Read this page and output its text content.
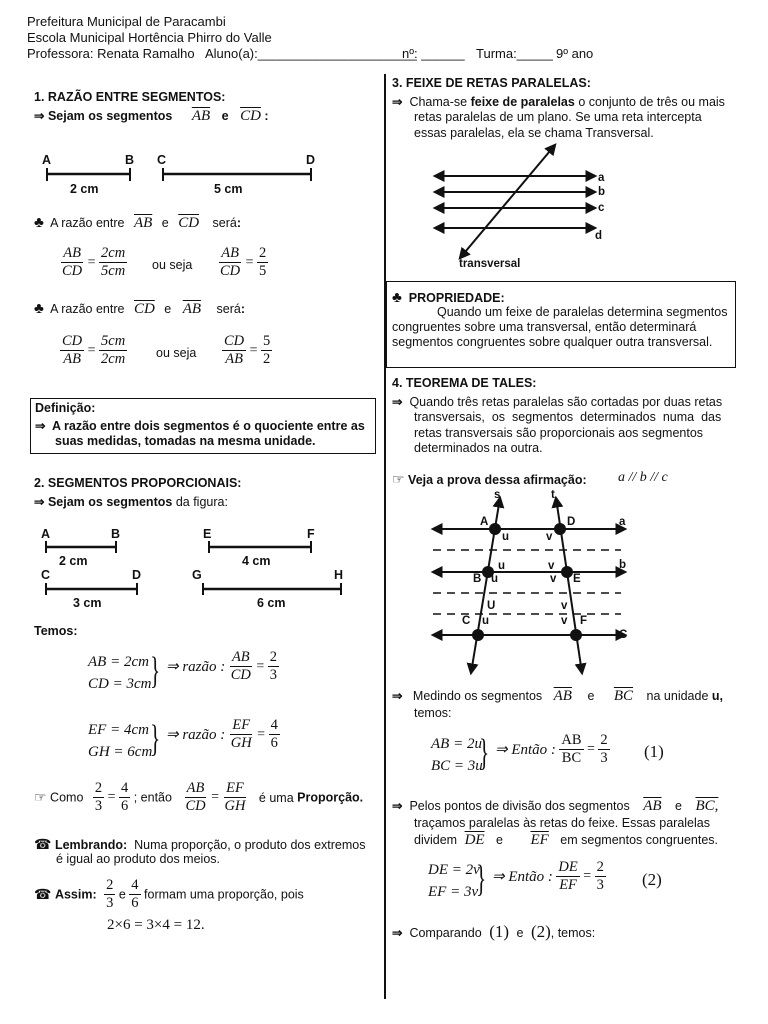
Prefeitura Municipal de Paracambi
Escola Municipal Hortência Phirro do Valle
Professora: Renata Ramalho Aluno(a):______________________
nº: ______ Turma:_____ 9º ano
1. RAZÃO ENTRE SEGMENTOS:
⇒ Sejam os segmentos $\overline{AB}$ e $\overline{CD}$ :
A	B C	D
2 cm	5 cm
♣ A razão entre $\overline{AB}$ e $\overline{CD}$ será:
$\frac{AB}{CD} = \frac{2cm}{5cm}$ ou seja $\frac{AB}{CD} = \frac{2}{5}$
♣ A razão entre $\overline{CD}$ e $\overline{AB}$ será:
$\frac{CD}{AB} = \frac{5cm}{2cm}$ ou seja $\frac{CD}{AB} = \frac{5}{2}$
Definição:
⇒ A razão entre dois segmentos é o quociente entre as
suas medidas, tomadas na mesma unidade.
2. SEGMENTOS PROPORCIONAIS:
⇒ Sejam os segmentos da figura:
A	B	E	F
2 cm	4 cm
C	D	G	H
3 cm	6 cm
Temos:
AB = 2cm
CD = 3cm
} ⇒ razão : $\frac{AB}{CD} = \frac{2}{3}$
EF = 4cm
GH = 6cm
} ⇒ razão : $\frac{EF}{GH} = \frac{4}{6}$
☞ Como $\frac{2}{3} = \frac{4}{6}$ ; então $\frac{AB}{CD} = \frac{EF}{GH}$ é uma Proporção.
☎ Lembrando: Numa proporção, o produto dos extremos
é igual ao produto dos meios.
☎ Assim: $\frac{2}{3}$ e $\frac{4}{6}$ formam uma proporção, pois
2×6 = 3×4 = 12.
3. FEIXE DE RETAS PARALELAS:
⇒ Chama-se feixe de paralelas o conjunto de três ou mais
retas paralelas de um plano. Se uma reta intercepta
essas paralelas, ela se chama Transversal.
a
b
c
d
transversal
♣ PROPRIEDADE:
Quando um feixe de paralelas determina segmentos
congruentes sobre uma transversal, então determinará
segmentos congruentes sobre qualquer outra transversal.
4. TEOREMA DE TALES:
⇒ Quando três retas paralelas são cortadas por duas retas
transversais, os segmentos determinados numa das
retas transversais são proporcionais aos segmentos
determinados na outra.
☞ Veja a prova dessa afirmação: a // b // c
s	t
A	D	a
u	v
u	v	b
B u	v E
U	v
C u	v F
C
⇒ Medindo os segmentos $\overline{AB}$ e $\overline{BC}$ na unidade u,
temos:
AB = 2u
BC = 3u
} ⇒ Então : $\frac{AB}{BC} = \frac{2}{3} (1)$
⇒ Pelos pontos de divisão dos segmentos $\overline{AB}$ e BC,
traçamos paralelas às retas do feixe. Essas paralelas
dividem $\overline{DE}$ e $\overline{EF}$ em segmentos congruentes.
DE = 2v
EF = 3v
} ⇒ Então : $\frac{DE}{EF} = \frac{2}{3} (2)$
⇒ Comparando (1) e (2), temos:
